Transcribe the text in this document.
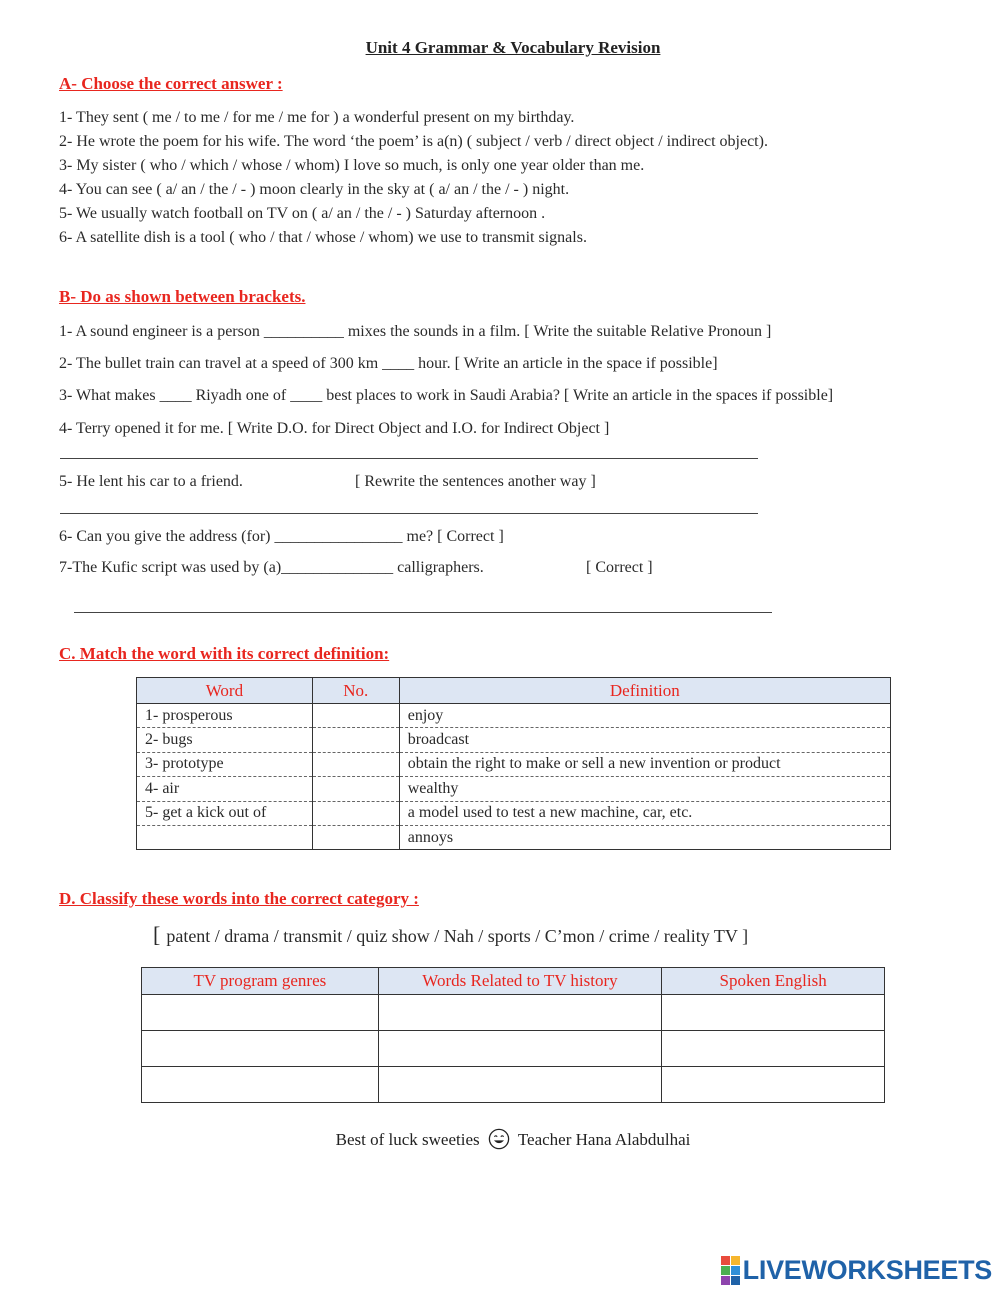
Unit 4 Grammar & Vocabulary Revision
A- Choose the correct answer :
1- They sent ( me / to me / for me / me for ) a wonderful present on my birthday.
2- He wrote the poem for his wife. The word ‘the poem’ is a(n) ( subject / verb / direct object / indirect object).
3- My sister ( who / which / whose / whom) I love so much, is only one year older than me.
4- You can see ( a/ an / the / - ) moon clearly in the sky at ( a/ an / the / - ) night.
5- We usually watch football on TV on ( a/ an / the / - ) Saturday afternoon .
6- A satellite dish is a tool ( who / that / whose / whom) we use to transmit signals.
B- Do as shown between brackets.
1- A sound engineer is a person __________ mixes the sounds in a film. [ Write the suitable Relative Pronoun ]
2- The bullet train can travel at a speed of 300 km ____ hour. [ Write an article in the space if possible]
3- What makes ____ Riyadh one of ____ best places to work in Saudi Arabia? [ Write an article in the spaces if possible]
4- Terry opened it for me. [ Write D.O. for Direct Object and I.O. for Indirect Object ]
5- He lent his car to a friend.	[ Rewrite the sentences another way ]
6- Can you give the address (for) ________________ me? [ Correct ]
7-The Kufic script was used by (a)______________ calligraphers.	[ Correct ]
C. Match the word with its correct definition:
Word	No.	Definition
1- prosperous		enjoy
2- bugs		broadcast
3- prototype		obtain the right to make or sell a new invention or product
4- air		wealthy
5- get a kick out of		a model used to test a new machine, car, etc.
		annoys
D. Classify these words into the correct category :
[ patent / drama / transmit / quiz show / Nah / sports / C’mon / crime / reality TV ]
TV program genres	Words Related to TV history	Spoken English

Best of luck sweeties Teacher Hana Alabdulhai
LIVEWORKSHEETS
